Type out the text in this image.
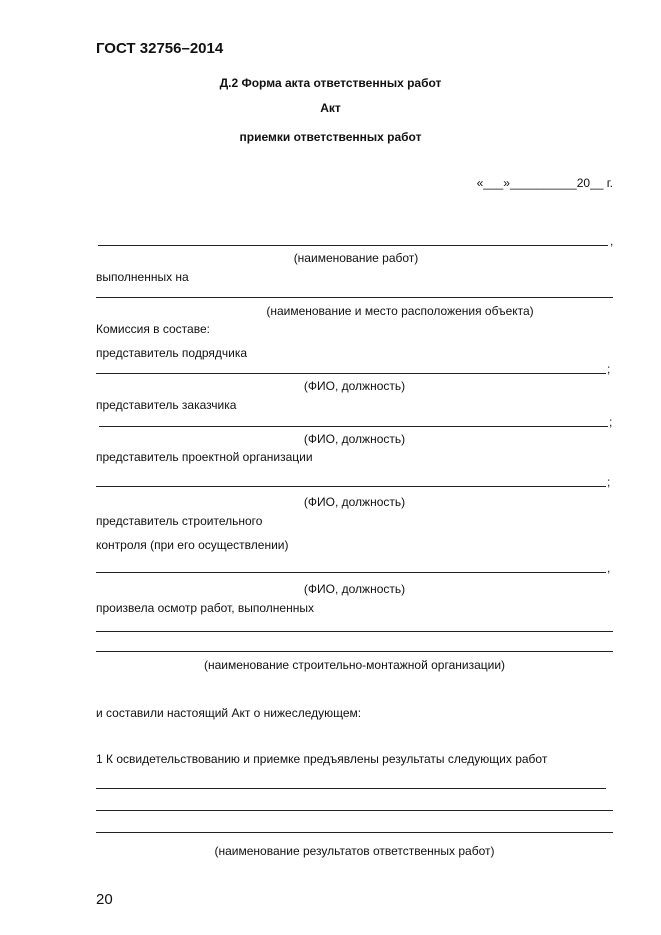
ГОСТ 32756–2014
Д.2 Форма акта ответственных работ
Акт
приемки ответственных работ
«___»__________20__ г.
,
(наименование работ)
выполненных на
(наименование и место расположения объекта)
Комиссия в составе:
представитель подрядчика
;
(ФИО, должность)
представитель заказчика
;
(ФИО, должность)
представитель проектной организации
;
(ФИО, должность)
представитель строительного
контроля (при его осуществлении)
,
(ФИО, должность)
произвела осмотр работ, выполненных
(наименование строительно-монтажной организации)
и составили настоящий Акт о нижеследующем:
1 К освидетельствованию и приемке предъявлены результаты следующих работ
(наименование результатов ответственных работ)
20
